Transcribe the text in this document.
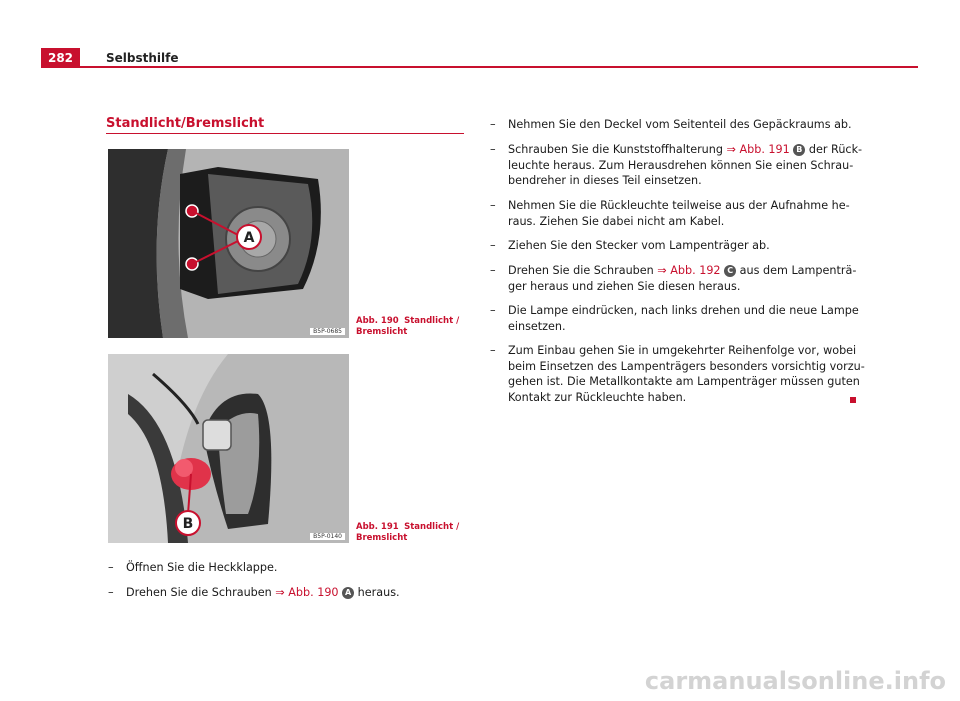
282	Selbsthilfe
Standlicht/Bremslicht
A
B5P-0685
Abb. 190 Standlicht /
Bremslicht
B
B5P-0140
Abb. 191 Standlicht /
Bremslicht
– Öffnen Sie die Heckklappe.
– Drehen Sie die Schrauben ⇒ Abb. 190 A heraus.
– Nehmen Sie den Deckel vom Seitenteil des Gepäckraums ab.
– Schrauben Sie die Kunststoffhalterung ⇒ Abb. 191 B der Rück-
leuchte heraus. Zum Herausdrehen können Sie einen Schrau-
bendreher in dieses Teil einsetzen.
– Nehmen Sie die Rückleuchte teilweise aus der Aufnahme he-
raus. Ziehen Sie dabei nicht am Kabel.
– Ziehen Sie den Stecker vom Lampenträger ab.
– Drehen Sie die Schrauben ⇒ Abb. 192 C aus dem Lampenträ-
ger heraus und ziehen Sie diesen heraus.
– Die Lampe eindrücken, nach links drehen und die neue Lampe
einsetzen.
– Zum Einbau gehen Sie in umgekehrter Reihenfolge vor, wobei
beim Einsetzen des Lampenträgers besonders vorsichtig vorzu-
gehen ist. Die Metallkontakte am Lampenträger müssen guten
Kontakt zur Rückleuchte haben.
carmanualsonline.info
